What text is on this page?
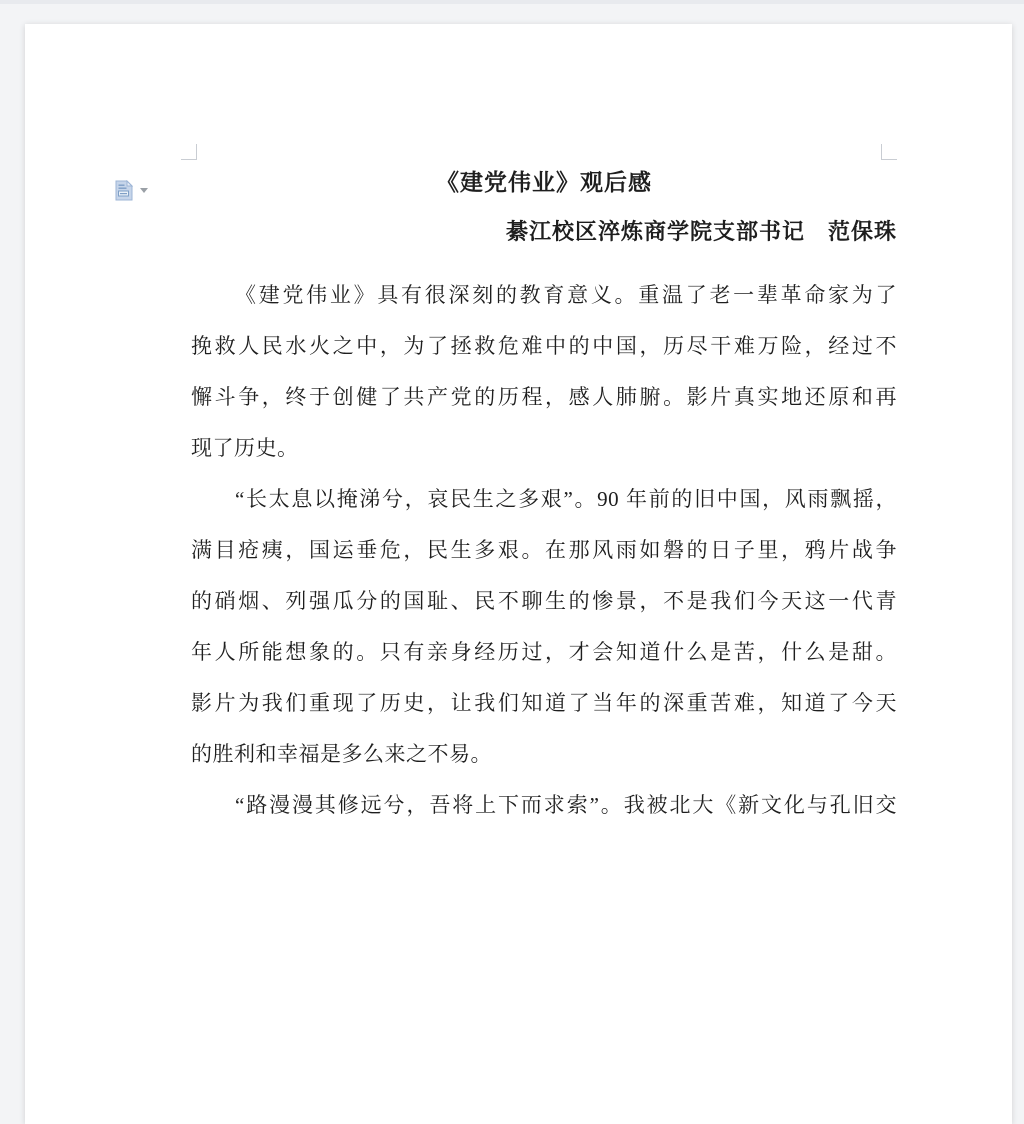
《建党伟业》观后感
綦江校区淬炼商学院支部书记　范保珠
《建党伟业》具有很深刻的教育意义。重温了老一辈革命家为了
挽救人民水火之中，为了拯救危难中的中国，历尽干难万险，经过不
懈斗争，终于创健了共产党的历程，感人肺腑。影片真实地还原和再
现了历史。
“长太息以掩涕兮，哀民生之多艰”。90 年前的旧中国，风雨飘摇，
满目疮痍，国运垂危，民生多艰。在那风雨如磐的日子里，鸦片战争
的硝烟、列强瓜分的国耻、民不聊生的惨景，不是我们今天这一代青
年人所能想象的。只有亲身经历过，才会知道什么是苦，什么是甜。
影片为我们重现了历史，让我们知道了当年的深重苦难，知道了今天
的胜利和幸福是多么来之不易。
“路漫漫其修远兮，吾将上下而求索”。我被北大《新文化与孔旧交
